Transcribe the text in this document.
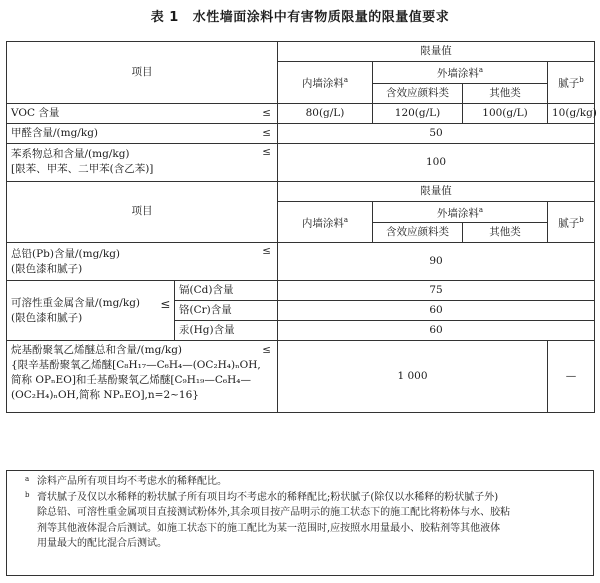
表 1 水性墙面涂料中有害物质限量的限量值要求
项目			限量值			
			内墙涂料$^a$	外墙涂料$^a$		腻子$^b$
				含效应颜料类	其他类	
VOC 含量		≤	80(g/L)	120(g/L)	100(g/L)	10(g/kg)
甲醛含量/(mg/kg)		≤	50			

苯系物总和含量/(mg/kg)
[限苯、甲苯、二甲苯(含乙苯)]		≤	100			
项目			限量值			
			内墙涂料$^a$	外墙涂料$^a$		腻子$^b$
				含效应颜料类	其他类	

总铅(Pb)含量/(mg/kg)
(限色漆和腻子)		≤	90			

可溶性重金属含量/(mg/kg)
(限色漆和腻子)	≤	镉(Cd)含量	75			
		铬(Cr)含量	60			
		汞(Hg)含量	60			

烷基酚聚氧乙烯醚总和含量/(mg/kg)
{限辛基酚聚氧乙烯醚[C₈H₁₇—C₆H₄—(OC₂H₄)ₙOH,
简称 OPₙEO]和壬基酚聚氧乙烯醚[C₉H₁₉—C₆H₄—
(OC₂H₄)ₙOH,简称 NPₙEO],n=2~16}		≤	1 000			—
a 涂料产品所有项目均不考虑水的稀释配比。
b 膏状腻子及仅以水稀释的粉状腻子所有项目均不考虑水的稀释配比;粉状腻子(除仅以水稀释的粉状腻子外)
除总铅、可溶性重金属项目直接测试粉体外,其余项目按产品明示的施工状态下的施工配比将粉体与水、胶粘
剂等其他液体混合后测试。如施工状态下的施工配比为某一范围时,应按照水用量最小、胶粘剂等其他液体
用量最大的配比混合后测试。
